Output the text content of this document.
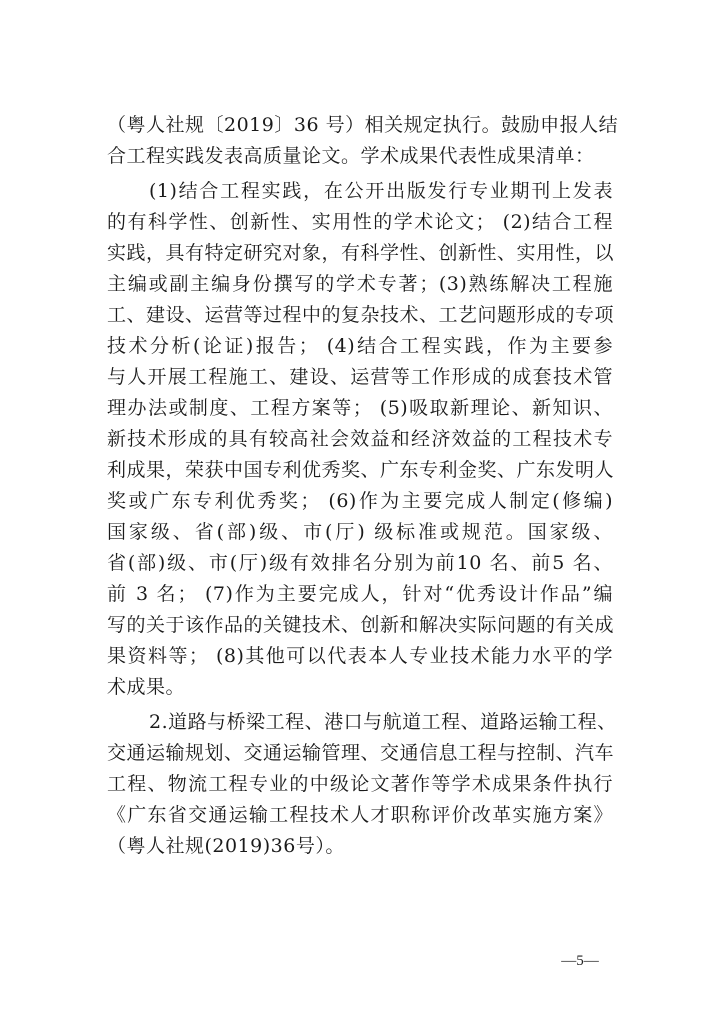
（粤人社规〔2019〕36 号）相关规定执行。鼓励申报人结
合工程实践发表高质量论文。学术成果代表性成果清单：
(1)结合工程实践，在公开出版发行专业期刊上发表
的有科学性、创新性、实用性的学术论文； (2)结合工程
实践，具有特定研究对象，有科学性、创新性、实用性，以
主编或副主编身份撰写的学术专著；(3)熟练解决工程施
工、建设、运营等过程中的复杂技术、工艺问题形成的专项
技术分析(论证)报告； (4)结合工程实践，作为主要参
与人开展工程施工、建设、运营等工作形成的成套技术管
理办法或制度、工程方案等； (5)吸取新理论、新知识、
新技术形成的具有较高社会效益和经济效益的工程技术专
利成果，荣获中国专利优秀奖、广东专利金奖、广东发明人
奖或广东专利优秀奖； (6)作为主要完成人制定(修编)
国家级、省(部)级、市(厅) 级标准或规范。国家级、
省(部)级、市(厅)级有效排名分别为前10 名、前5 名、
前 3 名； (7)作为主要完成人，针对“优秀设计作品”编
写的关于该作品的关键技术、创新和解决实际问题的有关成
果资料等； (8)其他可以代表本人专业技术能力水平的学
术成果。
2.道路与桥梁工程、港口与航道工程、道路运输工程、
交通运输规划、交通运输管理、交通信息工程与控制、汽车
工程、物流工程专业的中级论文著作等学术成果条件执行
《广东省交通运输工程技术人才职称评价改革实施方案》
（粤人社规(2019)36号）。
—5—
